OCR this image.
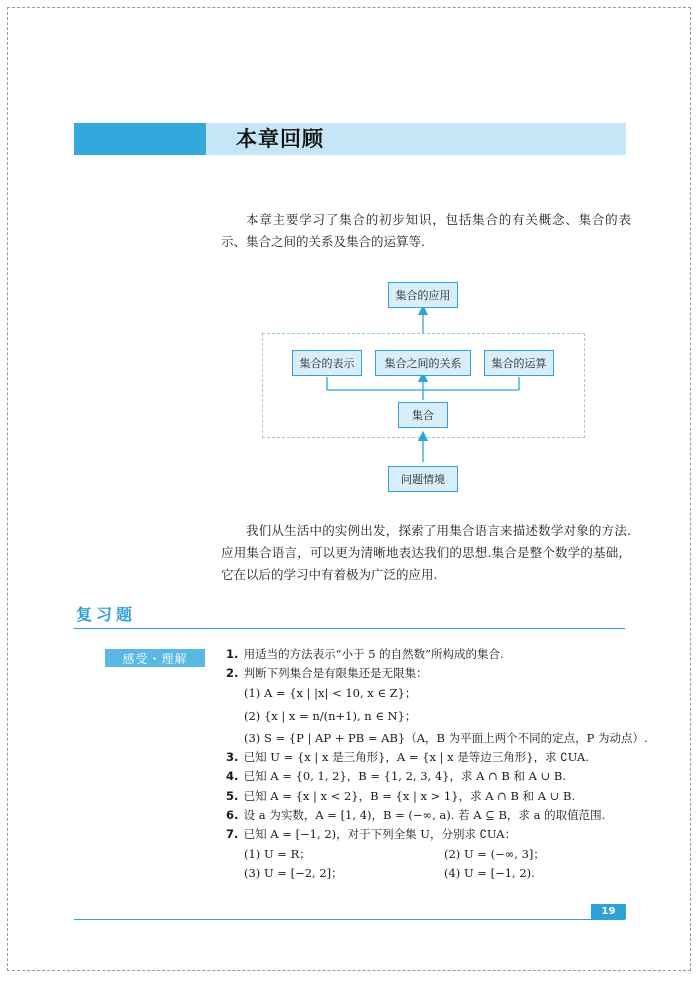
本章回顾
本章主要学习了集合的初步知识，包括集合的有关概念、集合的表示、集合之间的关系及集合的运算等.
集合的应用
集合的表示	集合之间的关系	集合的运算
集合
问题情境
我们从生活中的实例出发，探索了用集合语言来描述数学对象的方法.应用集合语言，可以更为清晰地表达我们的思想.集合是整个数学的基础，它在以后的学习中有着极为广泛的应用.
复习题
感受・理解	1. 用适当的方法表示“小于 5 的自然数”所构成的集合.
2. 判断下列集合是有限集还是无限集：
(1) A = {x | |x| < 10, x ∈ Z}；
(2) {x | x = n/(n+1), n ∈ N}；
(3) S = {P | AP + PB = AB}（A，B 为平面上两个不同的定点，P 为动点）.
3. 已知 U = {x | x 是三角形}，A = {x | x 是等边三角形}，求 ∁UA.
4. 已知 A = {0, 1, 2}，B = {1, 2, 3, 4}，求 A ∩ B 和 A ∪ B.
5. 已知 A = {x | x < 2}，B = {x | x > 1}，求 A ∩ B 和 A ∪ B.
6. 设 a 为实数，A = [1, 4)，B = (−∞, a). 若 A ⊆ B，求 a 的取值范围.
7. 已知 A = [−1, 2)，对于下列全集 U，分别求 ∁UA：
(1) U = R；	(2) U = (−∞, 3]；
(3) U = [−2, 2]；	(4) U = [−1, 2).
19
